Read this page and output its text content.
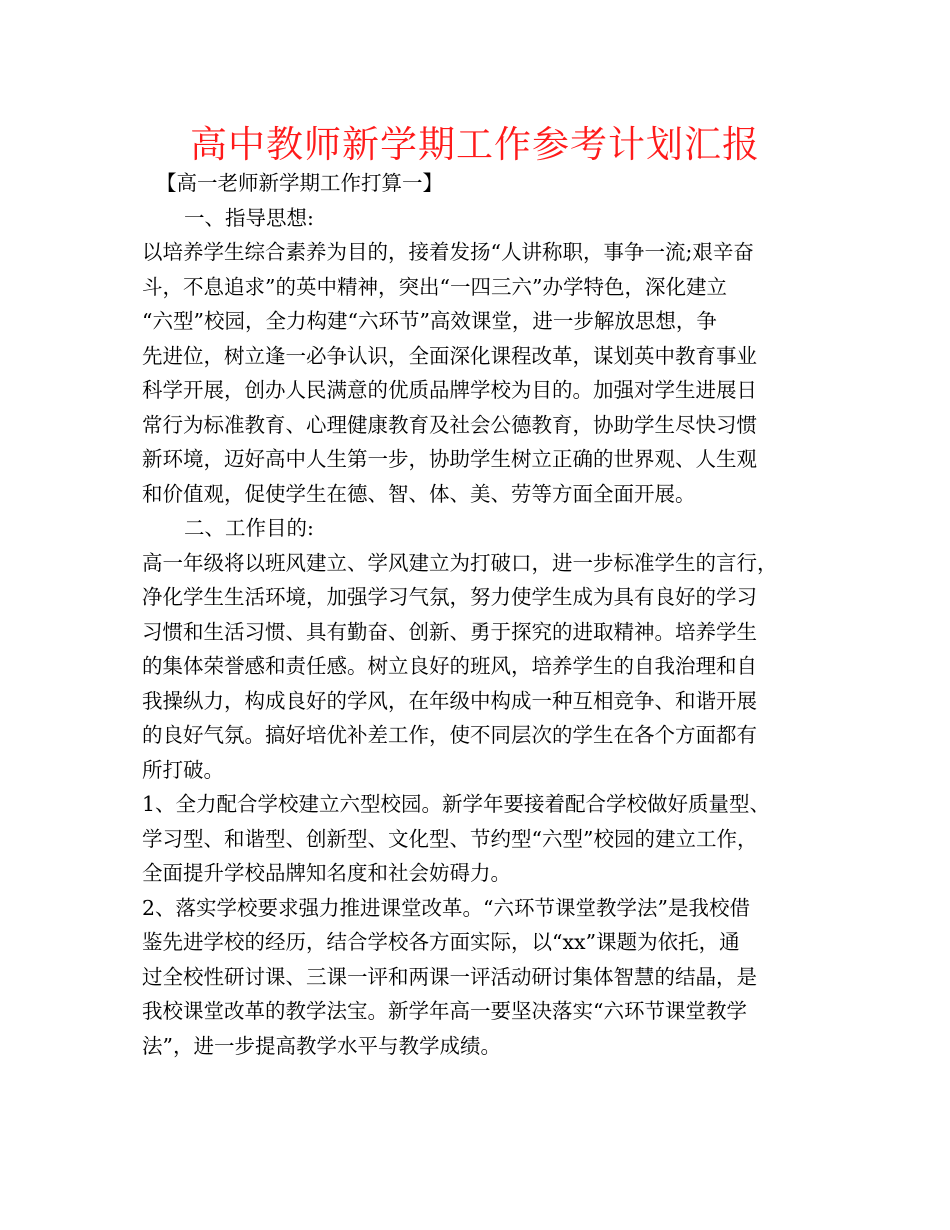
高中教师新学期工作参考计划汇报
【高一老师新学期工作打算一】
一、指导思想:
以培养学生综合素养为目的，接着发扬“人讲称职，事争一流;艰辛奋
斗，不息追求”的英中精神，突出“一四三六”办学特色，深化建立
“六型”校园，全力构建“六环节”高效课堂，进一步解放思想，争
先进位，树立逢一必争认识，全面深化课程改革，谋划英中教育事业
科学开展，创办人民满意的优质品牌学校为目的。加强对学生进展日
常行为标准教育、心理健康教育及社会公德教育，协助学生尽快习惯
新环境，迈好高中人生第一步，协助学生树立正确的世界观、人生观
和价值观，促使学生在德、智、体、美、劳等方面全面开展。
二、工作目的:
高一年级将以班风建立、学风建立为打破口，进一步标准学生的言行，
净化学生生活环境，加强学习气氛，努力使学生成为具有良好的学习
习惯和生活习惯、具有勤奋、创新、勇于探究的进取精神。培养学生
的集体荣誉感和责任感。树立良好的班风，培养学生的自我治理和自
我操纵力，构成良好的学风，在年级中构成一种互相竞争、和谐开展
的良好气氛。搞好培优补差工作，使不同层次的学生在各个方面都有
所打破。
1、全力配合学校建立六型校园。新学年要接着配合学校做好质量型、
学习型、和谐型、创新型、文化型、节约型“六型”校园的建立工作，
全面提升学校品牌知名度和社会妨碍力。
2、落实学校要求强力推进课堂改革。“六环节课堂教学法”是我校借
鉴先进学校的经历，结合学校各方面实际，以“xx”课题为依托，通
过全校性研讨课、三课一评和两课一评活动研讨集体智慧的结晶，是
我校课堂改革的教学法宝。新学年高一要坚决落实“六环节课堂教学
法”，进一步提高教学水平与教学成绩。
